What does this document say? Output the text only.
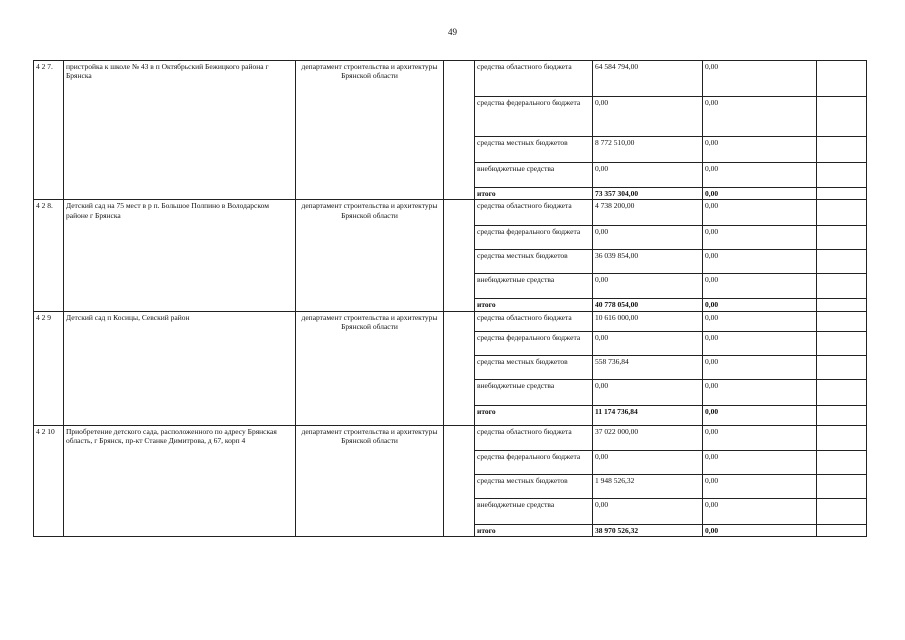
49
4 2 7.	пристройка к школе № 43 в п Октябрьский Бежицкого района г Брянска	департамент строительства и архитектуры Брянской области		средства областного бюджета	64 584 794,00	0,00	
				средства федерального бюджета	0,00	0,00	
				средства местных бюджетов	8 772 510,00	0,00	
				внебюджетные средства	0,00	0,00	
				итого	73 357 304,00	0,00	
4 2 8.	Детский сад на 75 мест в р п. Большое Полпино в Володарском районе г Брянска	департамент строительства и архитектуры Брянской области		средства областного бюджета	4 738 200,00	0,00	
				средства федерального бюджета	0,00	0,00	
				средства местных бюджетов	36 039 854,00	0,00	
				внебюджетные средства	0,00	0,00	
				итого	40 778 054,00	0,00	
4 2 9	Детский сад п Косицы, Севский район	департамент строительства и архитектуры Брянской области		средства областного бюджета	10 616 000,00	0,00	
				средства федерального бюджета	0,00	0,00	
				средства местных бюджетов	558 736,84	0,00	
				внебюджетные средства	0,00	0,00	
				итого	11 174 736,84	0,00	
4 2 10	Приобретение детского сада, расположенного по адресу Брянская область, г Брянск, пр-кт Станке Димитрова, д 67, корп 4	департамент строительства и архитектуры Брянской области		средства областного бюджета	37 022 000,00	0,00	
				средства федерального бюджета	0,00	0,00	
				средства местных бюджетов	1 948 526,32	0,00	
				внебюджетные средства	0,00	0,00	
				итого	38 970 526,32	0,00	
